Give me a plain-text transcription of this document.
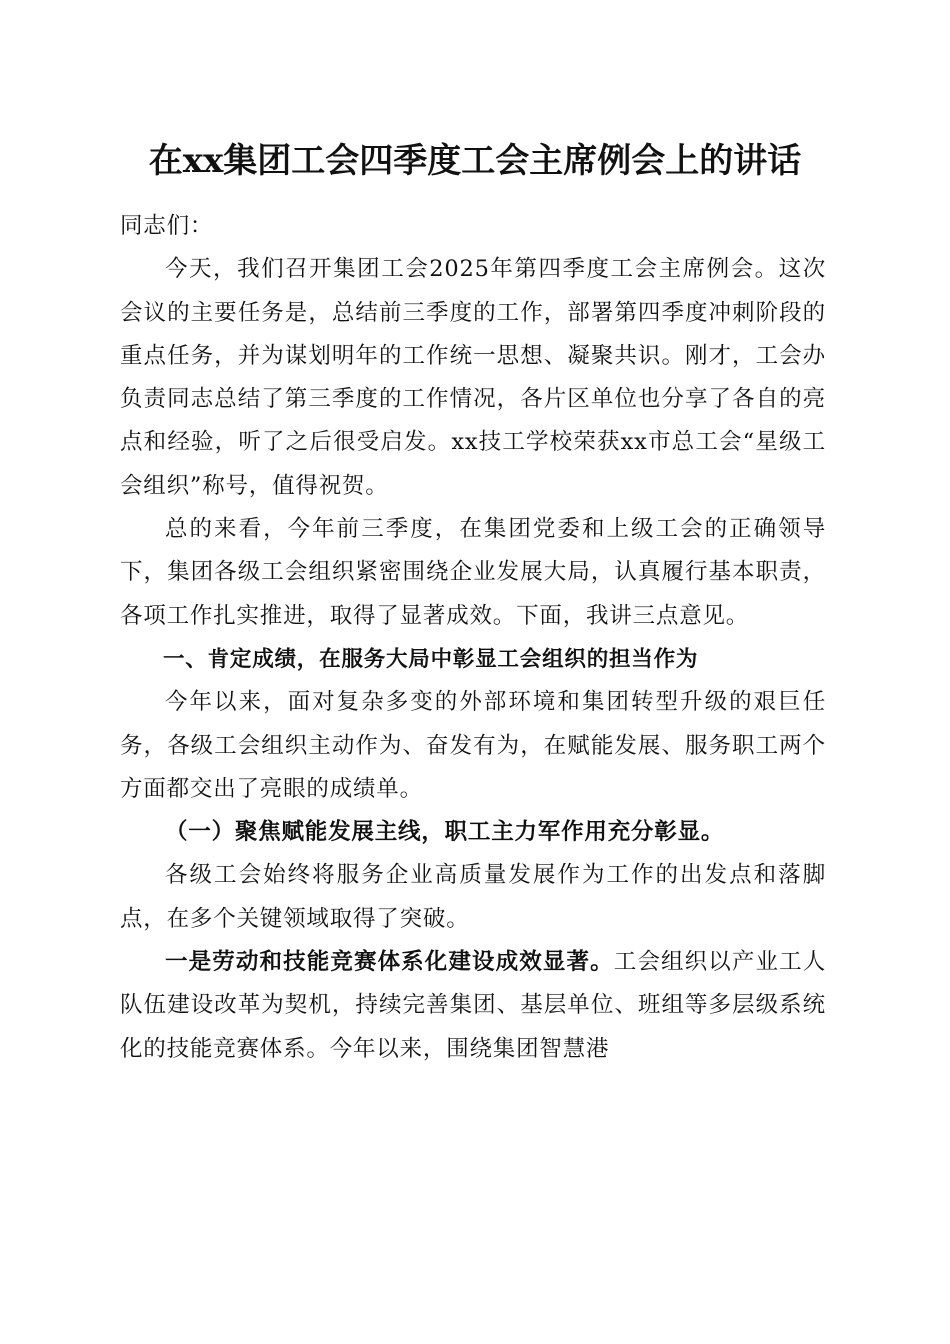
在xx集团工会四季度工会主席例会上的讲话

同志们：

今天，我们召开集团工会2025年第四季度工会主席例会。这次会议的主要任务是，总结前三季度的工作，部署第四季度冲刺阶段的重点任务，并为谋划明年的工作统一思想、凝聚共识。刚才，工会办负责同志总结了第三季度的工作情况，各片区单位也分享了各自的亮点和经验，听了之后很受启发。xx技工学校荣获xx市总工会“星级工会组织”称号，值得祝贺。

总的来看，今年前三季度，在集团党委和上级工会的正确领导下，集团各级工会组织紧密围绕企业发展大局，认真履行基本职责，各项工作扎实推进，取得了显著成效。下面，我讲三点意见。

一、肯定成绩，在服务大局中彰显工会组织的担当作为

今年以来，面对复杂多变的外部环境和集团转型升级的艰巨任务，各级工会组织主动作为、奋发有为，在赋能发展、服务职工两个方面都交出了亮眼的成绩单。

（一）聚焦赋能发展主线，职工主力军作用充分彰显。

各级工会始终将服务企业高质量发展作为工作的出发点和落脚点，在多个关键领域取得了突破。

一是劳动和技能竞赛体系化建设成效显著。工会组织以产业工人队伍建设改革为契机，持续完善集团、基层单位、班组等多层级系统化的技能竞赛体系。今年以来，围绕集团智慧港
